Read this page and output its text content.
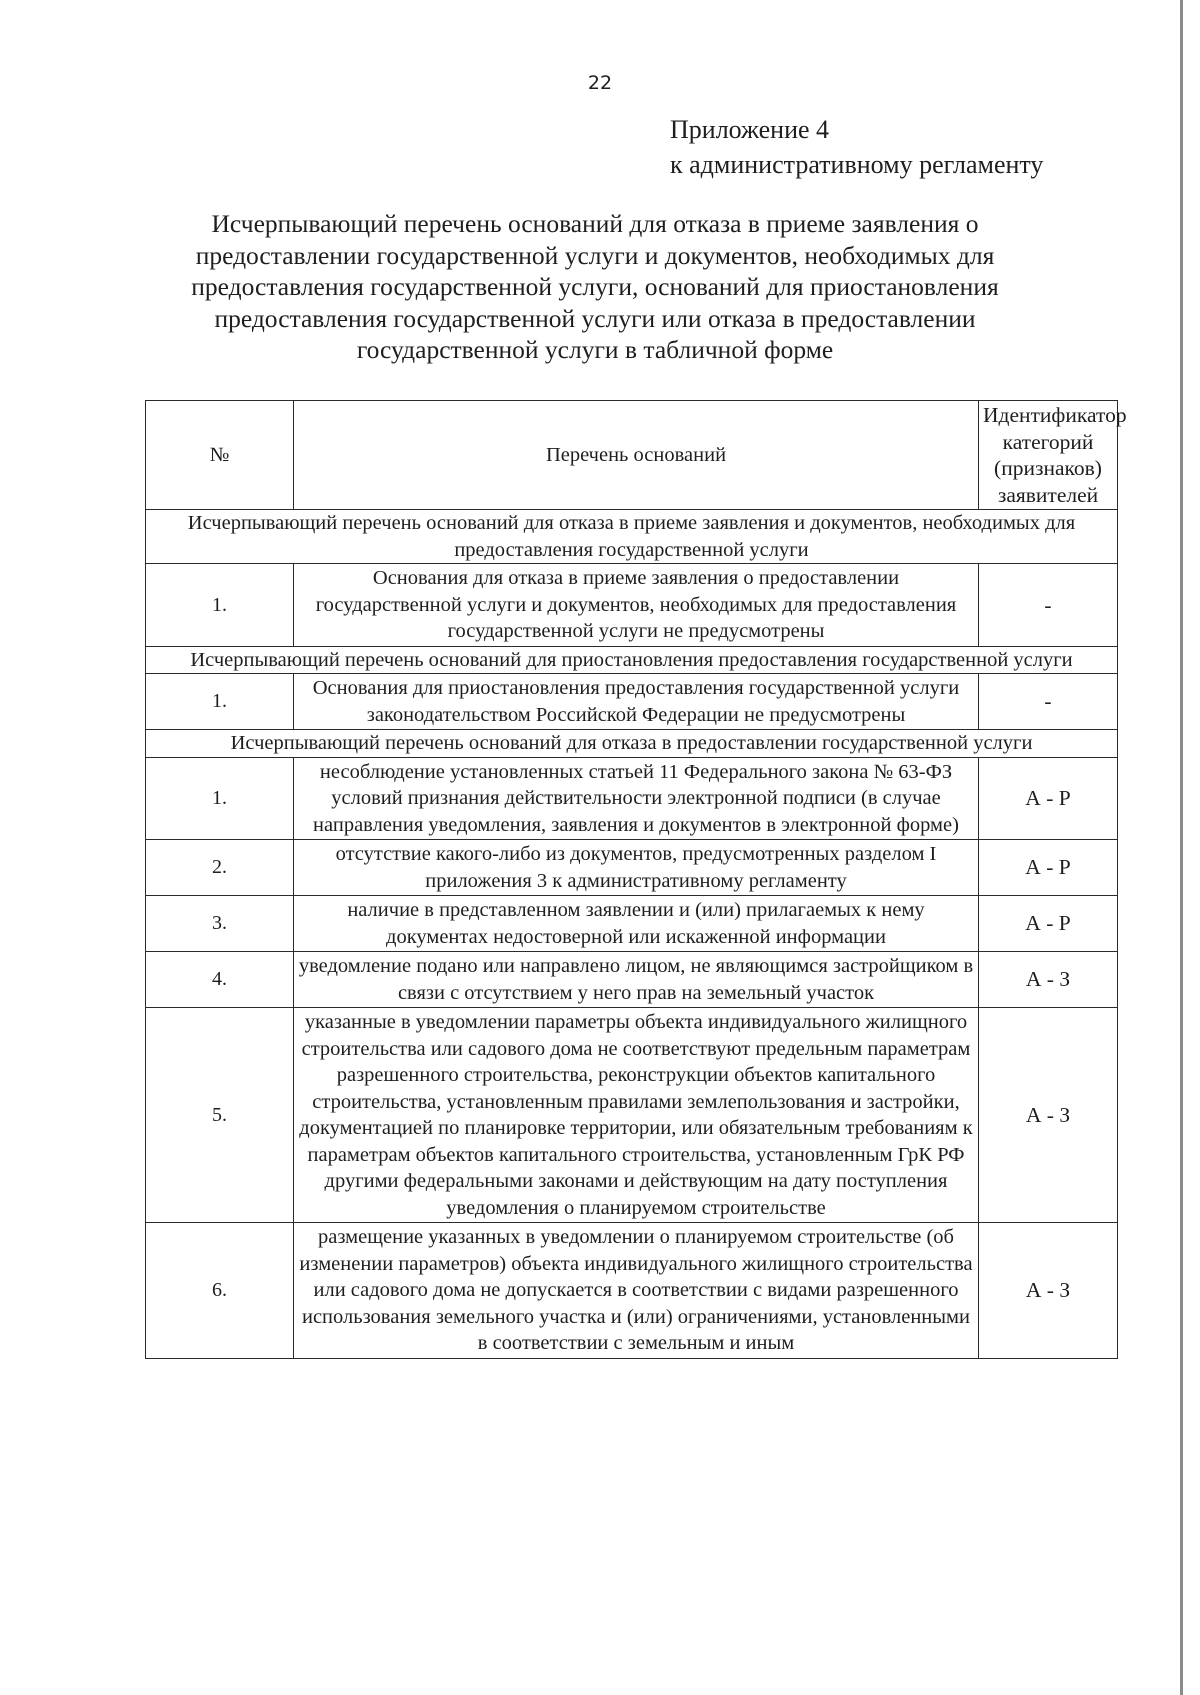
22
Приложение 4
к административному регламенту
Исчерпывающий перечень оснований для отказа в приеме заявления о предоставлении государственной услуги и документов, необходимых для предоставления государственной услуги, оснований для приостановления предоставления государственной услуги или отказа в предоставлении государственной услуги в табличной форме
№	Перечень оснований	Идентификатор категорий (признаков) заявителей
Исчерпывающий перечень оснований для отказа в приеме заявления и документов, необходимых для предоставления государственной услуги		
1.	Основания для отказа в приеме заявления о предоставлении государственной услуги и документов, необходимых для предоставления государственной услуги не предусмотрены	-
Исчерпывающий перечень оснований для приостановления предоставления государственной услуги		
1.	Основания для приостановления предоставления государственной услуги законодательством Российской Федерации не предусмотрены	-
Исчерпывающий перечень оснований для отказа в предоставлении государственной услуги		
1.	несоблюдение установленных статьей 11 Федерального закона № 63-ФЗ условий признания действительности электронной подписи (в случае направления уведомления, заявления и документов в электронной форме)	А - Р
2.	отсутствие какого-либо из документов, предусмотренных разделом I приложения 3 к административному регламенту	А - Р
3.	наличие в представленном заявлении и (или) прилагаемых к нему документах недостоверной или искаженной информации	А - Р
4.	уведомление подано или направлено лицом, не являющимся застройщиком в связи с отсутствием у него прав на земельный участок	А - З
5.	указанные в уведомлении параметры объекта индивидуального жилищного строительства или садового дома не соответствуют предельным параметрам разрешенного строительства, реконструкции объектов капитального строительства, установленным правилами землепользования и застройки, документацией по планировке территории, или обязательным требованиям к параметрам объектов капитального строительства, установленным ГрК РФ другими федеральными законами и действующим на дату поступления уведомления о планируемом строительстве	А - З
6.	размещение указанных в уведомлении о планируемом строительстве (об изменении параметров) объекта индивидуального жилищного строительства или садового дома не допускается в соответствии с видами разрешенного использования земельного участка и (или) ограничениями, установленными в соответствии с земельным и иным	А - З
